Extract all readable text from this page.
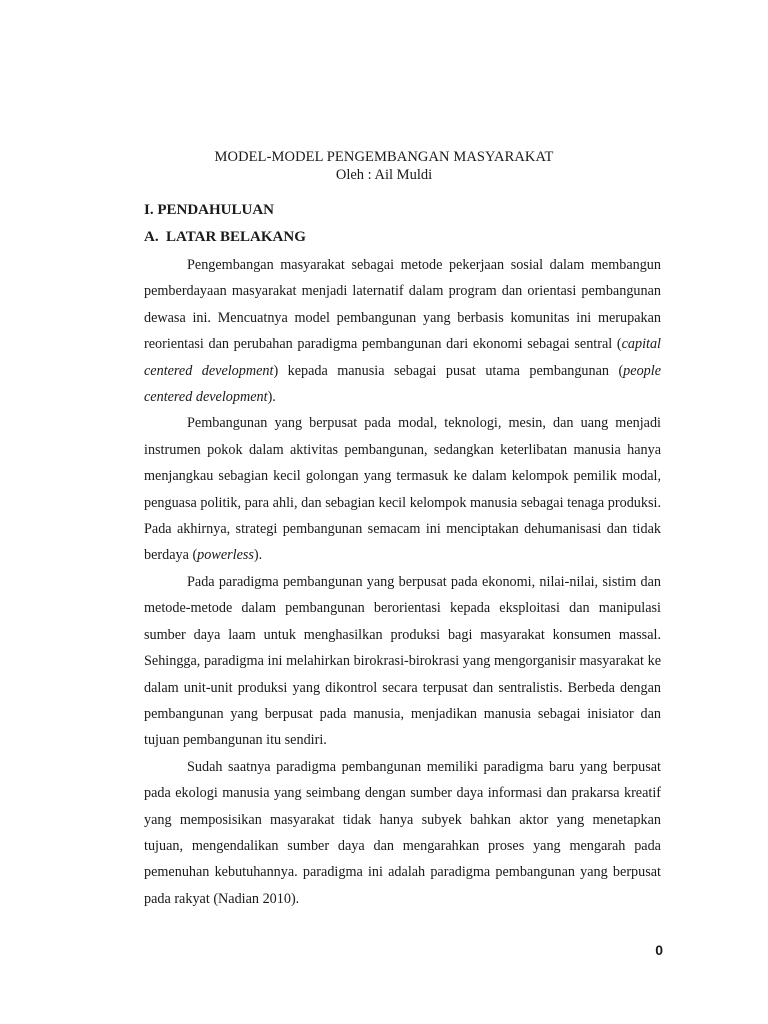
MODEL-MODEL PENGEMBANGAN MASYARAKAT
Oleh : Ail Muldi
I. PENDAHULUAN
A. LATAR BELAKANG

Pengembangan masyarakat sebagai metode pekerjaan sosial dalam membangun pemberdayaan masyarakat menjadi laternatif dalam program dan orientasi pembangunan dewasa ini. Mencuatnya model pembangunan yang berbasis komunitas ini merupakan reorientasi dan perubahan paradigma pembangunan dari ekonomi sebagai sentral (capital centered development) kepada manusia sebagai pusat utama pembangunan (people centered development).

Pembangunan yang berpusat pada modal, teknologi, mesin, dan uang menjadi instrumen pokok dalam aktivitas pembangunan, sedangkan keterlibatan manusia hanya menjangkau sebagian kecil golongan yang termasuk ke dalam kelompok pemilik modal, penguasa politik, para ahli, dan sebagian kecil kelompok manusia sebagai tenaga produksi. Pada akhirnya, strategi pembangunan semacam ini menciptakan dehumanisasi dan tidak berdaya (powerless).

Pada paradigma pembangunan yang berpusat pada ekonomi, nilai-nilai, sistim dan metode-metode dalam pembangunan berorientasi kepada eksploitasi dan manipulasi sumber daya laam untuk menghasilkan produksi bagi masyarakat konsumen massal. Sehingga, paradigma ini melahirkan birokrasi-birokrasi yang mengorganisir masyarakat ke dalam unit-unit produksi yang dikontrol secara terpusat dan sentralistis. Berbeda dengan pembangunan yang berpusat pada manusia, menjadikan manusia sebagai inisiator dan tujuan pembangunan itu sendiri.

Sudah saatnya paradigma pembangunan memiliki paradigma baru yang berpusat pada ekologi manusia yang seimbang dengan sumber daya informasi dan prakarsa kreatif yang memposisikan masyarakat tidak hanya subyek bahkan aktor yang menetapkan tujuan, mengendalikan sumber daya dan mengarahkan proses yang mengarah pada pemenuhan kebutuhannya. paradigma ini adalah paradigma pembangunan yang berpusat pada rakyat (Nadian 2010).

0
